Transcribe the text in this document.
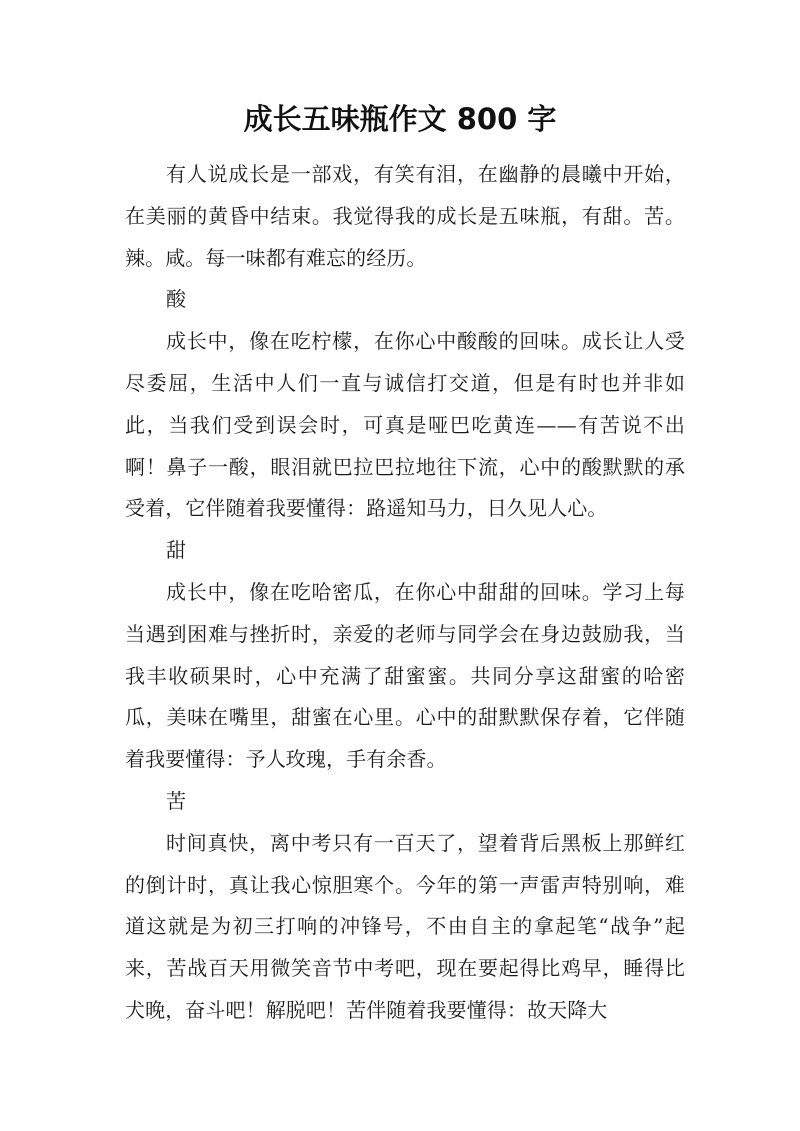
成长五味瓶作文 800 字

有人说成长是一部戏，有笑有泪，在幽静的晨曦中开始，在美丽的黄昏中结束。我觉得我的成长是五味瓶，有甜。苦。辣。咸。每一味都有难忘的经历。

酸

成长中，像在吃柠檬，在你心中酸酸的回味。成长让人受尽委屈，生活中人们一直与诚信打交道，但是有时也并非如此，当我们受到误会时，可真是哑巴吃黄连——有苦说不出啊！鼻子一酸，眼泪就巴拉巴拉地往下流，心中的酸默默的承受着，它伴随着我要懂得：路遥知马力，日久见人心。

甜

成长中，像在吃哈密瓜，在你心中甜甜的回味。学习上每当遇到困难与挫折时，亲爱的老师与同学会在身边鼓励我，当我丰收硕果时，心中充满了甜蜜蜜。共同分享这甜蜜的哈密瓜，美味在嘴里，甜蜜在心里。心中的甜默默保存着，它伴随着我要懂得：予人玫瑰，手有余香。

苦

时间真快，离中考只有一百天了，望着背后黑板上那鲜红的倒计时，真让我心惊胆寒个。今年的第一声雷声特别响，难道这就是为初三打响的冲锋号，不由自主的拿起笔“战争”起来，苦战百天用微笑音节中考吧，现在要起得比鸡早，睡得比犬晚，奋斗吧！解脱吧！苦伴随着我要懂得：故天降大
